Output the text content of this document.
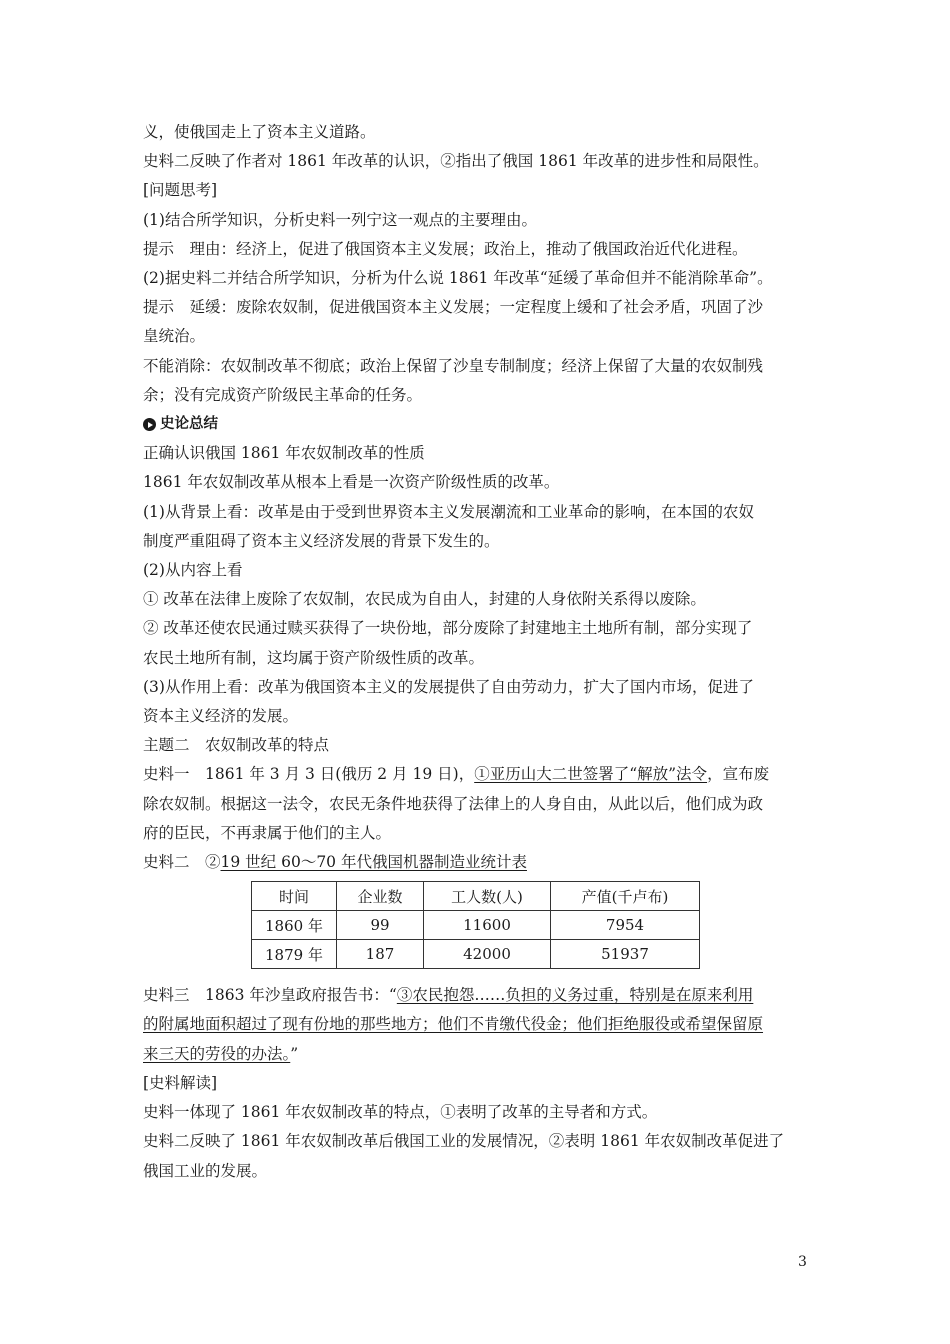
义，使俄国走上了资本主义道路。

史料二反映了作者对 1861 年改革的认识，②指出了俄国 1861 年改革的进步性和局限性。

[问题思考]

(1)结合所学知识，分析史料一列宁这一观点的主要理由。

提示　理由：经济上，促进了俄国资本主义发展；政治上，推动了俄国政治近代化进程。

(2)据史料二并结合所学知识，分析为什么说 1861 年改革“延缓了革命但并不能消除革命”。

提示　延缓：废除农奴制，促进俄国资本主义发展；一定程度上缓和了社会矛盾，巩固了沙

皇统治。

不能消除：农奴制改革不彻底；政治上保留了沙皇专制制度；经济上保留了大量的农奴制残

余；没有完成资产阶级民主革命的任务。

史论总结

正确认识俄国 1861 年农奴制改革的性质

1861 年农奴制改革从根本上看是一次资产阶级性质的改革。

(1)从背景上看：改革是由于受到世界资本主义发展潮流和工业革命的影响，在本国的农奴

制度严重阻碍了资本主义经济发展的背景下发生的。

(2)从内容上看

① 改革在法律上废除了农奴制，农民成为自由人，封建的人身依附关系得以废除。

② 改革还使农民通过赎买获得了一块份地，部分废除了封建地主土地所有制，部分实现了

农民土地所有制，这均属于资产阶级性质的改革。

(3)从作用上看：改革为俄国资本主义的发展提供了自由劳动力，扩大了国内市场，促进了

资本主义经济的发展。

主题二　农奴制改革的特点

史料一　1861 年 3 月 3 日(俄历 2 月 19 日)，①亚历山大二世签署了“解放”法令，宣布废

除农奴制。根据这一法令，农民无条件地获得了法律上的人身自由，从此以后，他们成为政

府的臣民，不再隶属于他们的主人。

史料二　②19 世纪 60～70 年代俄国机器制造业统计表

时间	企业数	工人数(人)	产值(千卢布)
1860 年	99	11600	7954
1879 年	187	42000	51937

史料三　1863 年沙皇政府报告书：“③农民抱怨……负担的义务过重，特别是在原来利用

的附属地面积超过了现有份地的那些地方；他们不肯缴代役金；他们拒绝服役或希望保留原

来三天的劳役的办法。”

[史料解读]

史料一体现了 1861 年农奴制改革的特点，①表明了改革的主导者和方式。

史料二反映了 1861 年农奴制改革后俄国工业的发展情况，②表明 1861 年农奴制改革促进了

俄国工业的发展。

3
